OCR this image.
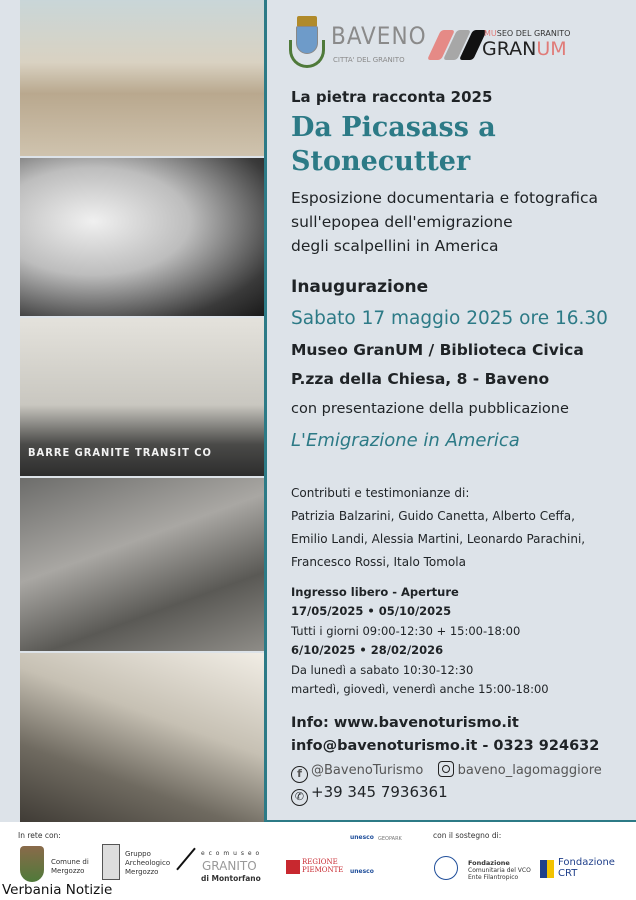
BARRE GRANITE TRANSIT CO
BAVENO
CITTA' DEL GRANITO
MUSEO DEL GRANITO
GRANUM
La pietra racconta 2025
Da Picasass a
Stonecutter
Esposizione documentaria e fotografica
sull'epopea dell'emigrazione
degli scalpellini in America
Inaugurazione
Sabato 17 maggio 2025 ore 16.30
Museo GranUM / Biblioteca Civica
P.zza della Chiesa, 8 - Baveno
con presentazione della pubblicazione
L'Emigrazione in America
Contributi e testimonianze di:
Patrizia Balzarini, Guido Canetta, Alberto Ceffa,
Emilio Landi, Alessia Martini, Leonardo Parachini,
Francesco Rossi, Italo Tomola
Ingresso libero - Aperture
17/05/2025 • 05/10/2025
Tutti i giorni 09:00-12:30 + 15:00-18:00
6/10/2025 • 28/02/2026
Da lunedì a sabato 10:30-12:30
martedì, giovedì, venerdì anche 15:00-18:00
Info: www.bavenoturismo.it
info@bavenoturismo.it - 0323 924632
f @BavenoTurismo	baveno_lagomaggiore
✆ +39 345 7936361
In rete con:
Comune di
Mergozzo
Gruppo
Archeologico
Mergozzo
e c o m u s e o
GRANITO
di Montorfano
REGIONE
PIEMONTE
unesco GEOPARK
unesco
con il sostegno di:
Fondazione
Comunitaria del VCO
Ente Filantropico
Fondazione
CRT
Verbania Notizie
